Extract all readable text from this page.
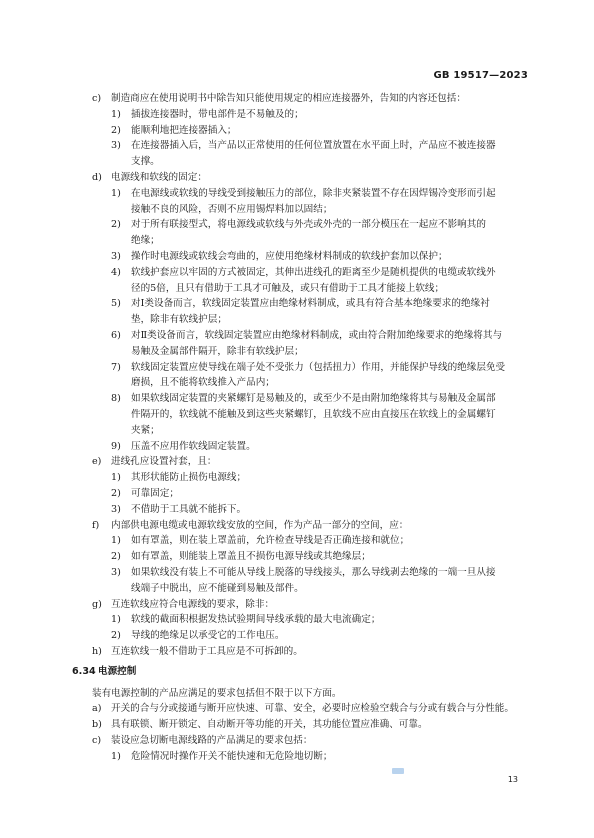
GB 19517—2023
c) 制造商应在使用说明书中除告知只能使用规定的相应连接器外，告知的内容还包括：
1) 插拔连接器时，带电部件是不易触及的；
2) 能顺利地把连接器插入；
3) 在连接器插入后，当产品以正常使用的任何位置放置在水平面上时，产品应不被连接器
支撑。
d) 电源线和软线的固定：
1) 在电源线或软线的导线受到接触压力的部位，除非夹紧装置不存在因焊锡冷变形而引起
接触不良的风险，否则不应用锡焊料加以固结；
2) 对于所有联接型式，将电源线或软线与外壳或外壳的一部分模压在一起应不影响其的
绝缘；
3) 操作时电源线或软线会弯曲的，应使用绝缘材料制成的软线护套加以保护；
4) 软线护套应以牢固的方式被固定，其伸出进线孔的距离至少是随机提供的电缆或软线外
径的5倍，且只有借助于工具才可触及，或只有借助于工具才能接上软线；
5) 对Ⅰ类设备而言，软线固定装置应由绝缘材料制成，或具有符合基本绝缘要求的绝缘衬
垫，除非有软线护层；
6) 对Ⅱ类设备而言，软线固定装置应由绝缘材料制成，或由符合附加绝缘要求的绝缘将其与
易触及金属部件隔开，除非有软线护层；
7) 软线固定装置应使导线在端子处不受张力（包括扭力）作用，并能保护导线的绝缘层免受
磨损，且不能将软线推入产品内；
8) 如果软线固定装置的夹紧螺钉是易触及的，或至少不是由附加绝缘将其与易触及金属部
件隔开的，软线就不能触及到这些夹紧螺钉，且软线不应由直接压在软线上的金属螺钉
夹紧；
9) 压盖不应用作软线固定装置。
e) 进线孔应设置衬套，且：
1) 其形状能防止损伤电源线；
2) 可靠固定；
3) 不借助于工具就不能拆下。
f) 内部供电源电缆或电源软线安放的空间，作为产品一部分的空间，应：
1) 如有罩盖，则在装上罩盖前，允许检查导线是否正确连接和就位；
2) 如有罩盖，则能装上罩盖且不损伤电源导线或其绝缘层；
3) 如果软线没有装上不可能从导线上脱落的导线接头，那么导线剥去绝缘的一端一旦从接
线端子中脱出，应不能碰到易触及部件。
g) 互连软线应符合电源线的要求，除非：
1) 软线的截面积根据发热试验期间导线承载的最大电流确定；
2) 导线的绝缘足以承受它的工作电压。
h) 互连软线一般不借助于工具应是不可拆卸的。
6.34 电源控制
装有电源控制的产品应满足的要求包括但不限于以下方面。
a) 开关的合与分或接通与断开应快速、可靠、安全，必要时应检验空载合与分或有载合与分性能。
b) 具有联锁、断开锁定、自动断开等功能的开关，其功能位置应准确、可靠。
c) 装设应急切断电源线路的产品满足的要求包括：
1) 危险情况时操作开关不能快速和无危险地切断；
13
